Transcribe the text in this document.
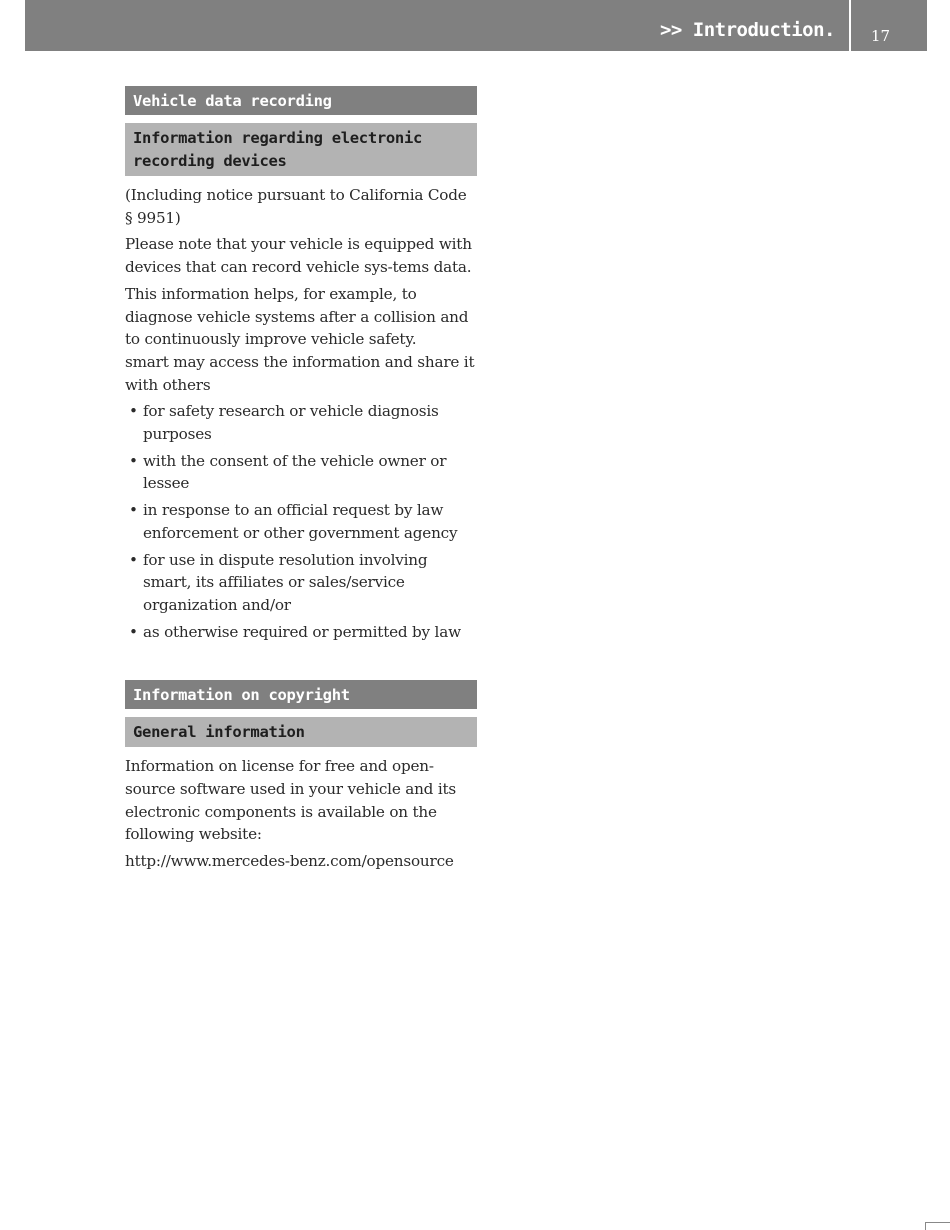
>> Introduction. 17
Vehicle data recording
Information regarding electronic recording devices

(Including notice pursuant to California Code § 9951)

Please note that your vehicle is equipped with devices that can record vehicle sys-tems data.

This information helps, for example, to diagnose vehicle systems after a collision and to continuously improve vehicle safety.

smart may access the information and share it with others

• for safety research or vehicle diagnosis purposes
• with the consent of the vehicle owner or lessee
• in response to an official request by law enforcement or other government agency
• for use in dispute resolution involving smart, its affiliates or sales/service organization and/or
• as otherwise required or permitted by law
Information on copyright
General information

Information on license for free and open-source software used in your vehicle and its electronic components is available on the following website:

http://www.mercedes-benz.com/opensource
